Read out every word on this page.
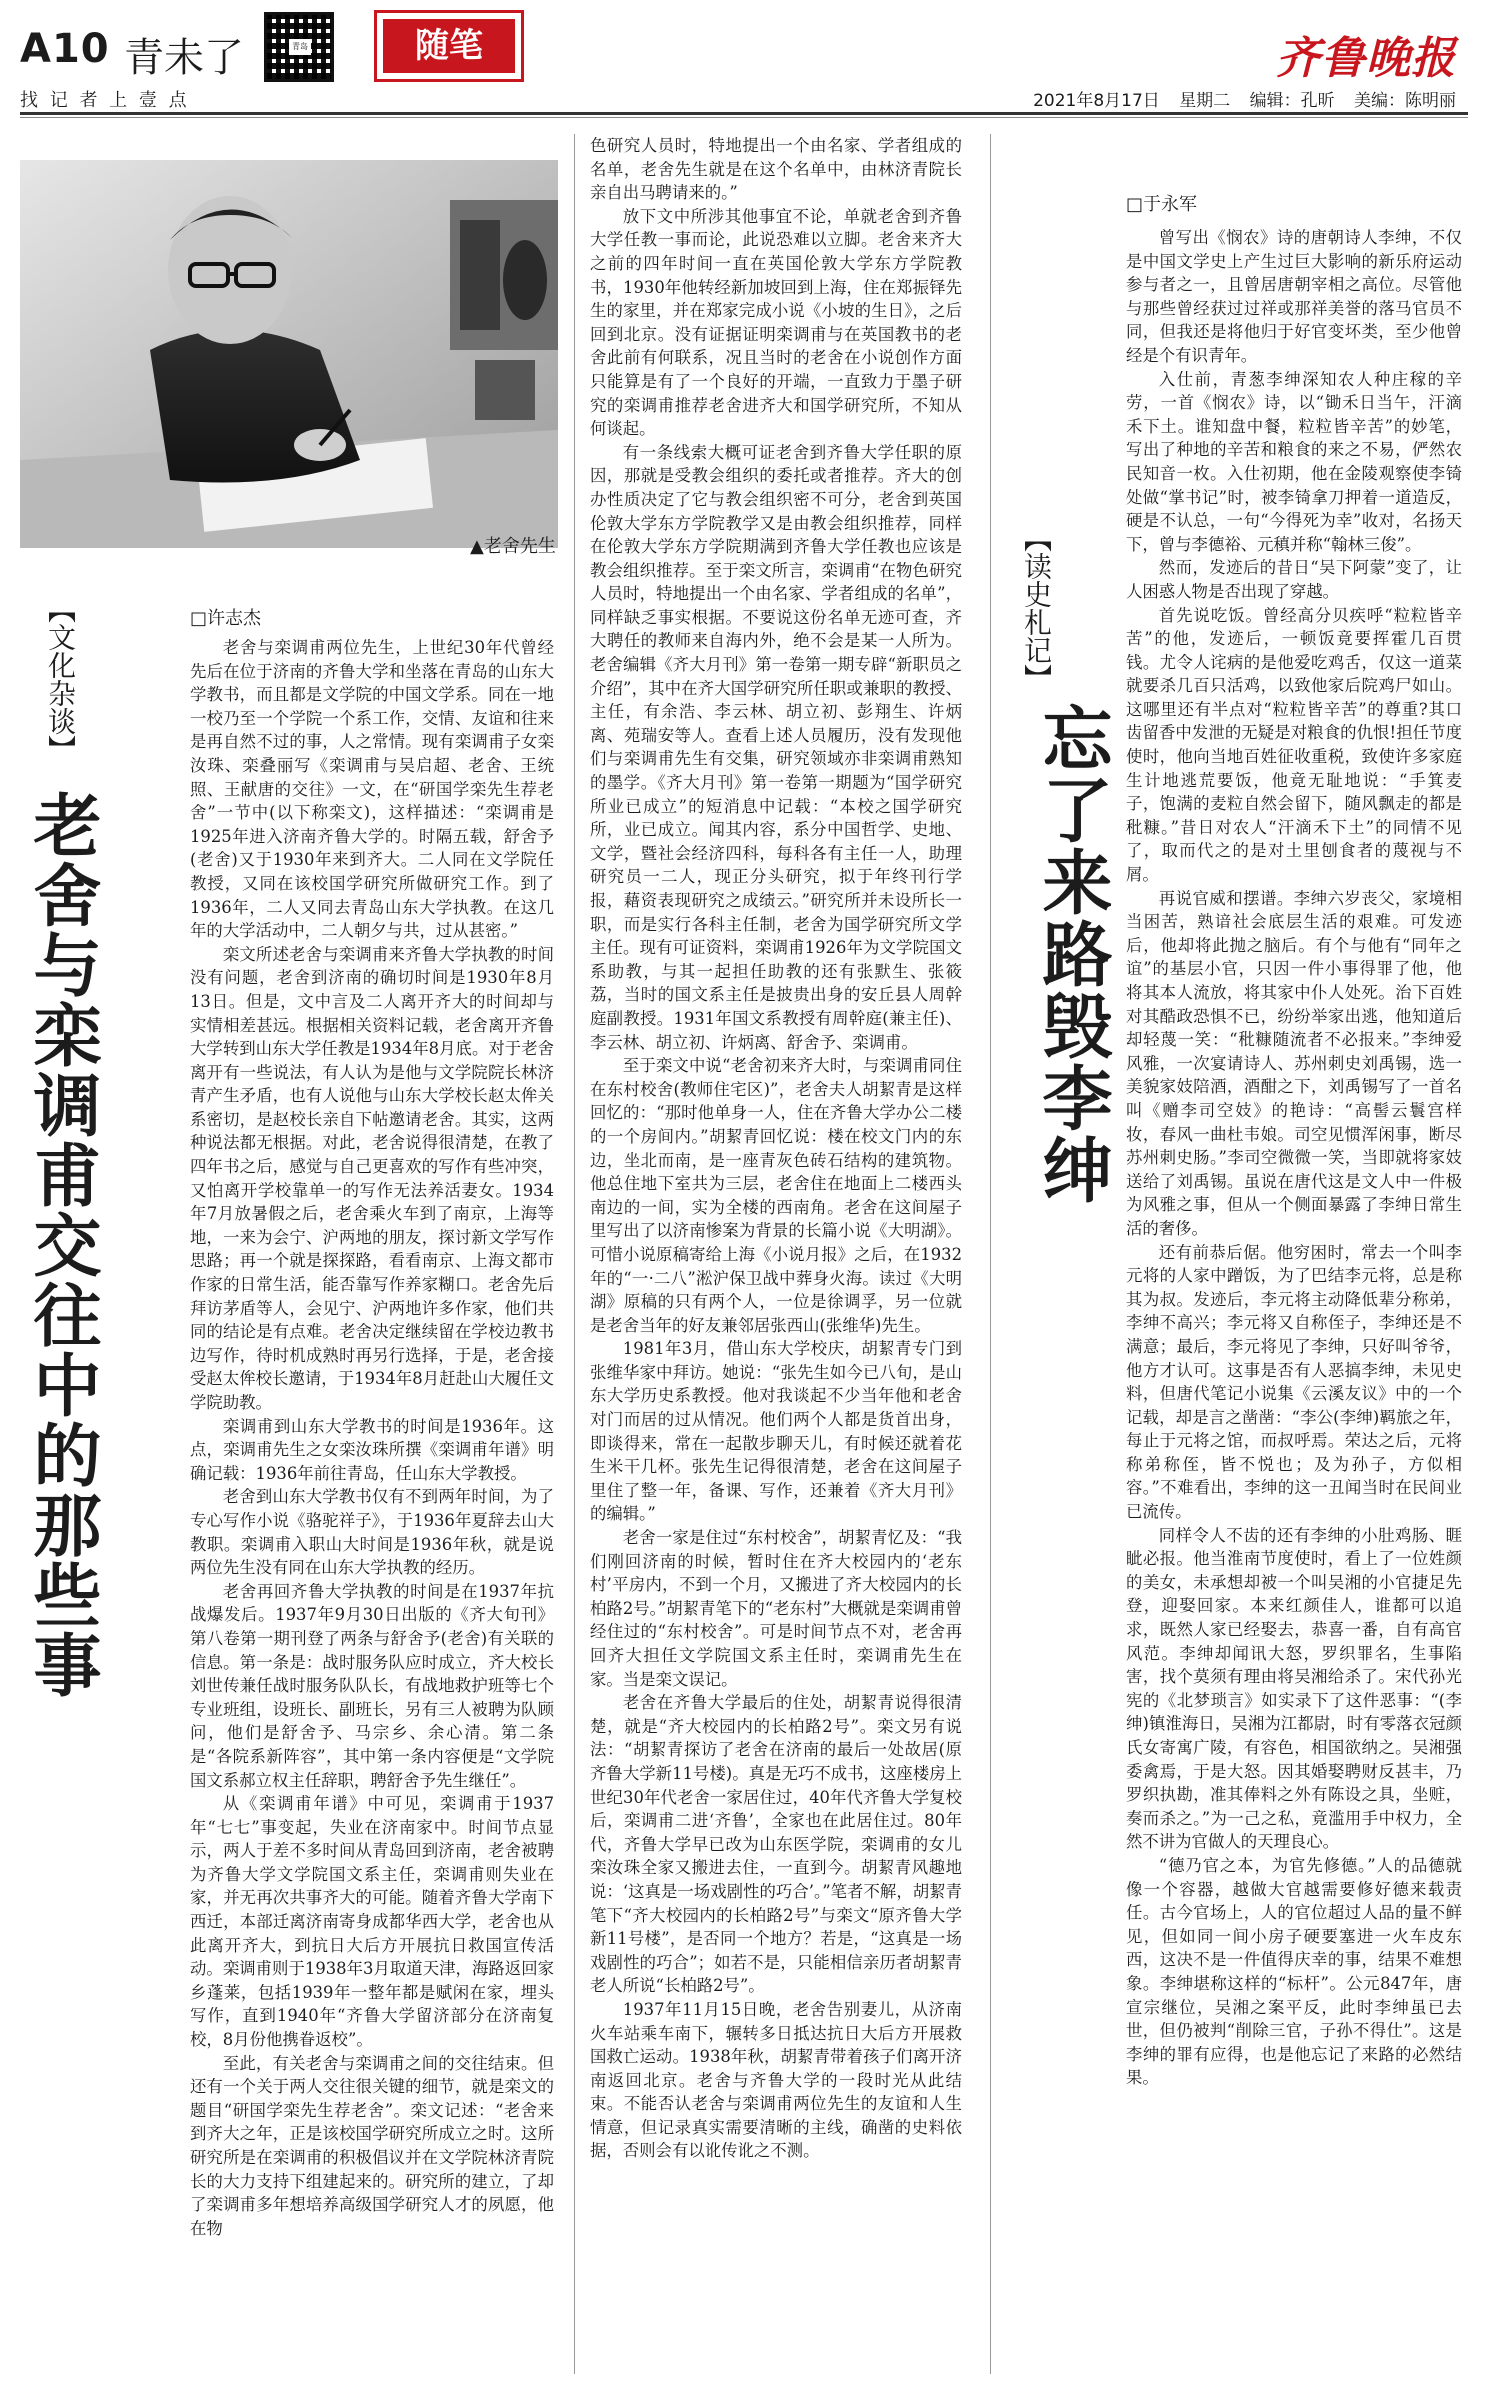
A10 青未了	青岛	随笔
找 记 者 上 壹 点
齐鲁晚报
2021年8月17日 星期二 编辑：孔昕 美编：陈明丽
▲老舍先生
【文化杂谈】
老舍与栾调甫交往中的那些事
□许志杰

老舍与栾调甫两位先生，上世纪30年代曾经先后在位于济南的齐鲁大学和坐落在青岛的山东大学教书，而且都是文学院的中国文学系。同在一地一校乃至一个学院一个系工作，交情、友谊和往来是再自然不过的事，人之常情。现有栾调甫子女栾汝珠、栾叠丽写《栾调甫与吴启超、老舍、王统照、王献唐的交往》一文，在“研国学栾先生荐老舍”一节中(以下称栾文)，这样描述：“栾调甫是1925年进入济南齐鲁大学的。时隔五载，舒舍予(老舍)又于1930年来到齐大。二人同在文学院任教授，又同在该校国学研究所做研究工作。到了1936年，二人又同去青岛山东大学执教。在这几年的大学活动中，二人朝夕与共，过从甚密。”

栾文所述老舍与栾调甫来齐鲁大学执教的时间没有问题，老舍到济南的确切时间是1930年8月13日。但是，文中言及二人离开齐大的时间却与实情相差甚远。根据相关资料记载，老舍离开齐鲁大学转到山东大学任教是1934年8月底。对于老舍离开有一些说法，有人认为是他与文学院院长林济青产生矛盾，也有人说他与山东大学校长赵太侔关系密切，是赵校长亲自下帖邀请老舍。其实，这两种说法都无根据。对此，老舍说得很清楚，在教了四年书之后，感觉与自己更喜欢的写作有些冲突，又怕离开学校靠单一的写作无法养活妻女。1934年7月放暑假之后，老舍乘火车到了南京，上海等地，一来为会宁、沪两地的朋友，探讨新文学写作思路；再一个就是探探路，看看南京、上海文都市作家的日常生活，能否靠写作养家糊口。老舍先后拜访茅盾等人，会见宁、沪两地许多作家，他们共同的结论是有点难。老舍决定继续留在学校边教书边写作，待时机成熟时再另行选择，于是，老舍接受赵太侔校长邀请，于1934年8月赶赴山大履任文学院助教。

栾调甫到山东大学教书的时间是1936年。这点，栾调甫先生之女栾汝珠所撰《栾调甫年谱》明确记载：1936年前往青岛，任山东大学教授。

老舍到山东大学教书仅有不到两年时间，为了专心写作小说《骆驼祥子》，于1936年夏辞去山大教职。栾调甫入职山大时间是1936年秋，就是说两位先生没有同在山东大学执教的经历。

老舍再回齐鲁大学执教的时间是在1937年抗战爆发后。1937年9月30日出版的《齐大旬刊》第八卷第一期刊登了两条与舒舍予(老舍)有关联的信息。第一条是：战时服务队应时成立，齐大校长刘世传兼任战时服务队队长，有战地救护班等七个专业班组，设班长、副班长，另有三人被聘为队顾问，他们是舒舍予、马宗乡、余心清。第二条是“各院系新阵容”，其中第一条内容便是“文学院国文系郝立权主任辞职，聘舒舍予先生继任”。

从《栾调甫年谱》中可见，栾调甫于1937年“七七”事变起，失业在济南家中。时间节点显示，两人于差不多时间从青岛回到济南，老舍被聘为齐鲁大学文学院国文系主任，栾调甫则失业在家，并无再次共事齐大的可能。随着齐鲁大学南下西迁，本部迁离济南寄身成都华西大学，老舍也从此离开齐大，到抗日大后方开展抗日救国宣传活动。栾调甫则于1938年3月取道天津，海路返回家乡蓬莱，包括1939年一整年都是赋闲在家，埋头写作，直到1940年“齐鲁大学留济部分在济南复校，8月份他携眷返校”。

至此，有关老舍与栾调甫之间的交往结束。但还有一个关于两人交往很关键的细节，就是栾文的题目“研国学栾先生荐老舍”。栾文记述：“老舍来到齐大之年，正是该校国学研究所成立之时。这所研究所是在栾调甫的积极倡议并在文学院林济青院长的大力支持下组建起来的。研究所的建立，了却了栾调甫多年想培养高级国学研究人才的夙愿，他在物

色研究人员时，特地提出一个由名家、学者组成的名单，老舍先生就是在这个名单中，由林济青院长亲自出马聘请来的。”

放下文中所涉其他事宜不论，单就老舍到齐鲁大学任教一事而论，此说恐难以立脚。老舍来齐大之前的四年时间一直在英国伦敦大学东方学院教书，1930年他转经新加坡回到上海，住在郑振铎先生的家里，并在郑家完成小说《小坡的生日》，之后回到北京。没有证据证明栾调甫与在英国教书的老舍此前有何联系，况且当时的老舍在小说创作方面只能算是有了一个良好的开端，一直致力于墨子研究的栾调甫推荐老舍进齐大和国学研究所，不知从何谈起。

有一条线索大概可证老舍到齐鲁大学任职的原因，那就是受教会组织的委托或者推荐。齐大的创办性质决定了它与教会组织密不可分，老舍到英国伦敦大学东方学院教学又是由教会组织推荐，同样在伦敦大学东方学院期满到齐鲁大学任教也应该是教会组织推荐。至于栾文所言，栾调甫“在物色研究人员时，特地提出一个由名家、学者组成的名单”，同样缺乏事实根据。不要说这份名单无迹可查，齐大聘任的教师来自海内外，绝不会是某一人所为。老舍编辑《齐大月刊》第一卷第一期专辟“新职员之介绍”，其中在齐大国学研究所任职或兼职的教授、主任，有余浩、李云林、胡立初、彭翔生、许炳离、苑瑞安等人。查看上述人员履历，没有发现他们与栾调甫先生有交集，研究领域亦非栾调甫熟知的墨学。《齐大月刊》第一卷第一期题为“国学研究所业已成立”的短消息中记载：“本校之国学研究所，业已成立。闻其内容，系分中国哲学、史地、文学，暨社会经济四科，每科各有主任一人，助理研究员一二人，现正分头研究，拟于年终刊行学报，藉资表现研究之成绩云。”研究所并未设所长一职，而是实行各科主任制，老舍为国学研究所文学主任。现有可证资料，栾调甫1926年为文学院国文系助教，与其一起担任助教的还有张默生、张筱荔，当时的国文系主任是披贵出身的安丘县人周幹庭副教授。1931年国文系教授有周幹庭(兼主任)、李云林、胡立初、许炳离、舒舍予、栾调甫。

至于栾文中说“老舍初来齐大时，与栾调甫同住在东村校舍(教师住宅区)”，老舍夫人胡絜青是这样回忆的：“那时他单身一人，住在齐鲁大学办公二楼的一个房间内。”胡絜青回忆说：楼在校文门内的东边，坐北而南，是一座青灰色砖石结构的建筑物。他总住地下室共为三层，老舍住在地面上二楼西头南边的一间，实为全楼的西南角。老舍在这间屋子里写出了以济南惨案为背景的长篇小说《大明湖》。可惜小说原稿寄给上海《小说月报》之后，在1932年的“一·二八”淞沪保卫战中葬身火海。读过《大明湖》原稿的只有两个人，一位是徐调孚，另一位就是老舍当年的好友兼邻居张西山(张维华)先生。

1981年3月，借山东大学校庆，胡絜青专门到张维华家中拜访。她说：“张先生如今已八旬，是山东大学历史系教授。他对我谈起不少当年他和老舍对门而居的过从情况。他们两个人都是货首出身，即谈得来，常在一起散步聊天儿，有时候还就着花生米干几杯。张先生记得很清楚，老舍在这间屋子里住了整一年，备课、写作，还兼着《齐大月刊》的编辑。”

老舍一家是住过“东村校舍”，胡絜青忆及：“我们刚回济南的时候，暂时住在齐大校园内的‘老东村’平房内，不到一个月，又搬进了齐大校园内的长柏路2号。”胡絜青笔下的“老东村”大概就是栾调甫曾经住过的“东村校舍”。可是时间节点不对，老舍再回齐大担任文学院国文系主任时，栾调甫先生在家。当是栾文误记。

老舍在齐鲁大学最后的住处，胡絜青说得很清楚，就是“齐大校园内的长柏路2号”。栾文另有说法：“胡絜青探访了老舍在济南的最后一处故居(原齐鲁大学新11号楼)。真是无巧不成书，这座楼房上世纪30年代老舍一家居住过，40年代齐鲁大学复校后，栾调甫二进‘齐鲁’，全家也在此居住过。80年代，齐鲁大学早已改为山东医学院，栾调甫的女儿栾汝珠全家又搬进去住，一直到今。胡絜青风趣地说：‘这真是一场戏剧性的巧合’。”笔者不解，胡絜青笔下“齐大校园内的长柏路2号”与栾文“原齐鲁大学新11号楼”，是否同一个地方？若是，“这真是一场戏剧性的巧合”；如若不是，只能相信亲历者胡絜青老人所说“长柏路2号”。

1937年11月15日晚，老舍告别妻儿，从济南火车站乘车南下，辗转多日抵达抗日大后方开展救国救亡运动。1938年秋，胡絜青带着孩子们离开济南返回北京。老舍与齐鲁大学的一段时光从此结束。不能否认老舍与栾调甫两位先生的友谊和人生情意，但记录真实需要清晰的主线，确凿的史料依据，否则会有以讹传讹之不测。

【读史札记】
忘了来路毁李绅
□于永军

曾写出《悯农》诗的唐朝诗人李绅，不仅是中国文学史上产生过巨大影响的新乐府运动参与者之一，且曾居唐朝宰相之高位。尽管他与那些曾经获过过祥或那祥美誉的落马官员不同，但我还是将他归于好官变坏类，至少他曾经是个有识青年。

入仕前，青葱李绅深知农人种庄稼的辛劳，一首《悯农》诗，以“锄禾日当午，汗滴禾下土。谁知盘中餐，粒粒皆辛苦”的妙笔，写出了种地的辛苦和粮食的来之不易，俨然农民知音一枚。入仕初期，他在金陵观察使李锜处做“掌书记”时，被李锜拿刀押着一道造反，硬是不认总，一句“今得死为幸”收对，名扬天下，曾与李德裕、元稹并称“翰林三俊”。

然而，发迹后的昔日“吴下阿蒙”变了，让人困惑人物是否出现了穿越。

首先说吃饭。曾经高分贝疾呼“粒粒皆辛苦”的他，发迹后，一顿饭竟要挥霍几百贯钱。尤令人诧病的是他爱吃鸡舌，仅这一道菜就要杀几百只活鸡，以致他家后院鸡尸如山。这哪里还有半点对“粒粒皆辛苦”的尊重?其口齿留香中发泄的无疑是对粮食的仇恨!担任节度使时，他向当地百姓征收重税，致使许多家庭生计地逃荒要饭，他竟无耻地说：“手箕麦子，饱满的麦粒自然会留下，随风飘走的都是秕糠。”昔日对农人“汗滴禾下土”的同情不见了，取而代之的是对土里刨食者的蔑视与不屑。

再说官威和摆谱。李绅六岁丧父，家境相当困苦，熟谙社会底层生活的艰难。可发迹后，他却将此抛之脑后。有个与他有“同年之谊”的基层小官，只因一件小事得罪了他，他将其本人流放，将其家中仆人处死。治下百姓对其酷政恐惧不已，纷纷举家出逃，他知道后却轻蔑一笑：“秕糠随流者不必报来。”李绅爱风雅，一次宴请诗人、苏州刺史刘禹锡，选一美貌家妓陪酒，酒酣之下，刘禹锡写了一首名叫《赠李司空妓》的艳诗：“高髻云鬟宫样妆，春风一曲杜韦娘。司空见惯浑闲事，断尽苏州刺史肠。”李司空微微一笑，当即就将家妓送给了刘禹锡。虽说在唐代这是文人中一件极为风雅之事，但从一个侧面暴露了李绅日常生活的奢侈。

还有前恭后倨。他穷困时，常去一个叫李元将的人家中蹭饭，为了巴结李元将，总是称其为叔。发迹后，李元将主动降低辈分称弟，李绅不高兴；李元将又自称侄子，李绅还是不满意；最后，李元将见了李绅，只好叫爷爷，他方才认可。这事是否有人恶搞李绅，未见史料，但唐代笔记小说集《云溪友议》中的一个记载，却是言之凿凿：“李公(李绅)羁旅之年，每止于元将之馆，而叔呼焉。荣达之后，元将称弟称侄，皆不悦也；及为孙子，方似相容。”不难看出，李绅的这一丑闻当时在民间业已流传。

同样令人不齿的还有李绅的小肚鸡肠、睚眦必报。他当淮南节度使时，看上了一位姓颜的美女，未承想却被一个叫吴湘的小官捷足先登，迎娶回家。本来红颜佳人，谁都可以追求，既然人家已经娶去，恭喜一番，自有高官风范。李绅却闻讯大怒，罗织罪名，生事陷害，找个莫须有理由将吴湘给杀了。宋代孙光宪的《北梦琐言》如实录下了这件恶事：“(李绅)镇淮海日，吴湘为江都尉，时有零落衣冠颜氏女寄寓广陵，有容色，相国欲纳之。吴湘强委禽焉，于是大怒。因其婚娶聘财反甚丰，乃罗织执勘，准其俸料之外有陈设之具，坐赃，奏而杀之。”为一己之私，竟滥用手中权力，全然不讲为官做人的天理良心。

“德乃官之本，为官先修德。”人的品德就像一个容器，越做大官越需要修好德来载责任。古今官场上，人的官位超过人品的量不鲜见，但如同一间小房子硬要塞进一火车皮东西，这决不是一件值得庆幸的事，结果不难想象。李绅堪称这样的“标杆”。公元847年，唐宣宗继位，吴湘之案平反，此时李绅虽已去世，但仍被判“削除三官，子孙不得仕”。这是李绅的罪有应得，也是他忘记了来路的必然结果。
